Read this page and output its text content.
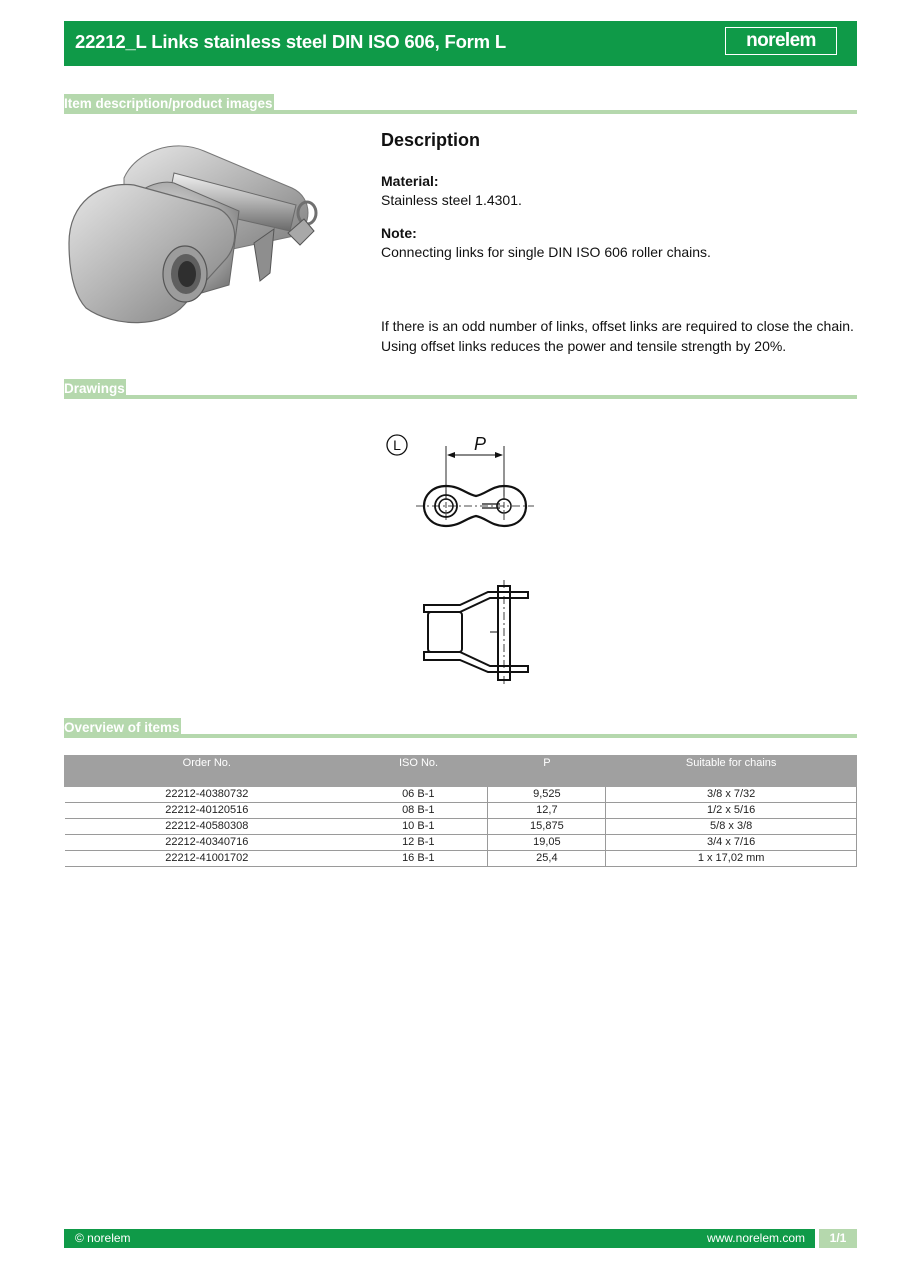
22212_L Links stainless steel DIN ISO 606, Form L	norelem
Item description/product images
Description
Material:
Stainless steel 1.4301.
Note:
Connecting links for single DIN ISO 606 roller chains.
If there is an odd number of links, offset links are required to close the chain. Using offset links reduces the power and tensile strength by 20%.
Drawings
L	P
Overview of items
Order No.	ISO No.	P	Suitable for chains
22212-40380732	06 B-1	9,525	3/8 x 7/32
22212-40120516	08 B-1	12,7	1/2 x 5/16
22212-40580308	10 B-1	15,875	5/8 x 3/8
22212-40340716	12 B-1	19,05	3/4 x 7/16
22212-41001702	16 B-1	25,4	1 x 17,02 mm
© norelem	www.norelem.com	1/1
